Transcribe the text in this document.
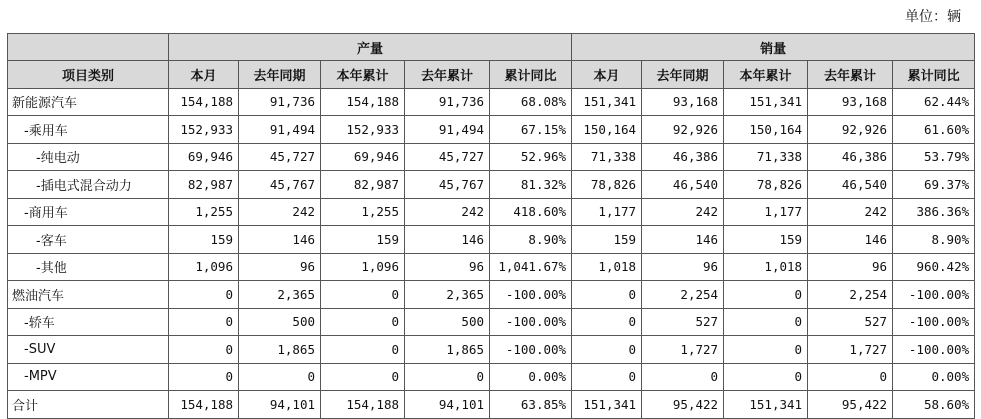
单位：辆
	产量					销量				
项目类别	本月	去年同期	本年累计	去年累计	累计同比	本月	去年同期	本年累计	去年累计	累计同比
新能源汽车	154,188	91,736	154,188	91,736	68.08%	151,341	93,168	151,341	93,168	62.44%
-乘用车	152,933	91,494	152,933	91,494	67.15%	150,164	92,926	150,164	92,926	61.60%
-纯电动	69,946	45,727	69,946	45,727	52.96%	71,338	46,386	71,338	46,386	53.79%
-插电式混合动力	82,987	45,767	82,987	45,767	81.32%	78,826	46,540	78,826	46,540	69.37%
-商用车	1,255	242	1,255	242	418.60%	1,177	242	1,177	242	386.36%
-客车	159	146	159	146	8.90%	159	146	159	146	8.90%
-其他	1,096	96	1,096	96	1,041.67%	1,018	96	1,018	96	960.42%
燃油汽车	0	2,365	0	2,365	-100.00%	0	2,254	0	2,254	-100.00%
-轿车	0	500	0	500	-100.00%	0	527	0	527	-100.00%
-SUV	0	1,865	0	1,865	-100.00%	0	1,727	0	1,727	-100.00%
-MPV	0	0	0	0	0.00%	0	0	0	0	0.00%
合计	154,188	94,101	154,188	94,101	63.85%	151,341	95,422	151,341	95,422	58.60%
